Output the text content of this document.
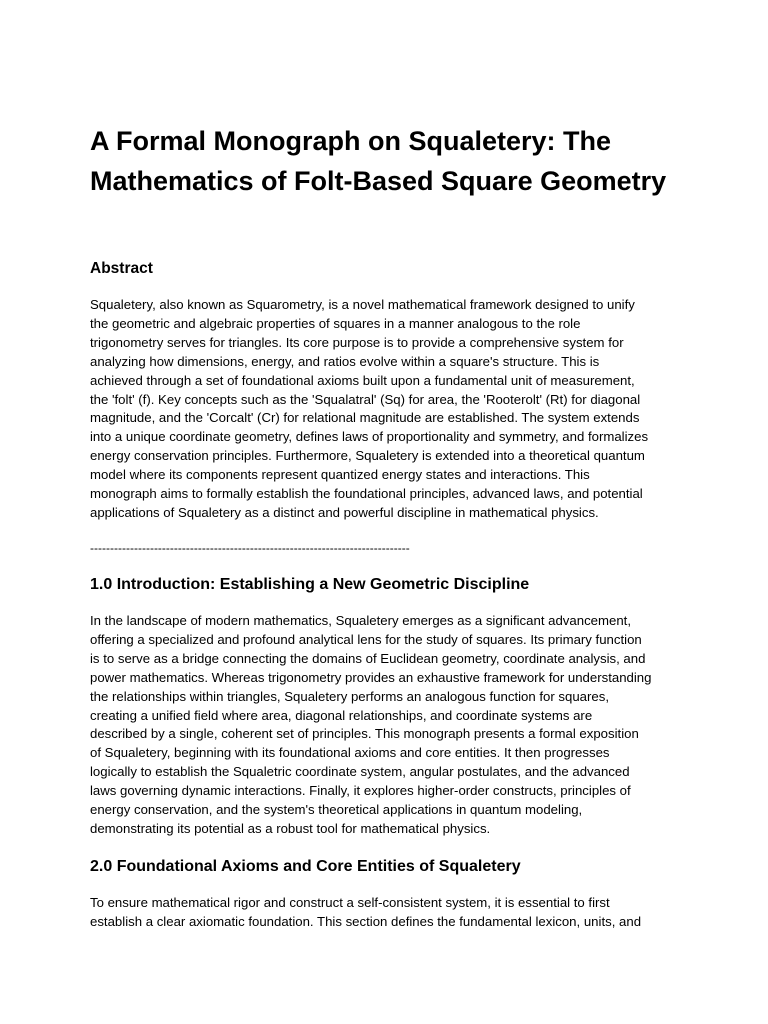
A Formal Monograph on Squaletery: The Mathematics of Folt-Based Square Geometry
Abstract
Squaletery, also known as Squarometry, is a novel mathematical framework designed to unify
the geometric and algebraic properties of squares in a manner analogous to the role
trigonometry serves for triangles. Its core purpose is to provide a comprehensive system for
analyzing how dimensions, energy, and ratios evolve within a square's structure. This is
achieved through a set of foundational axioms built upon a fundamental unit of measurement,
the 'folt' (f). Key concepts such as the 'Squalatral' (Sq) for area, the 'Rooterolt' (Rt) for diagonal
magnitude, and the 'Corcalt' (Cr) for relational magnitude are established. The system extends
into a unique coordinate geometry, defines laws of proportionality and symmetry, and formalizes
energy conservation principles. Furthermore, Squaletery is extended into a theoretical quantum
model where its components represent quantized energy states and interactions. This
monograph aims to formally establish the foundational principles, advanced laws, and potential
applications of Squaletery as a distinct and powerful discipline in mathematical physics.
--------------------------------------------------------------------------------
1.0 Introduction: Establishing a New Geometric Discipline
In the landscape of modern mathematics, Squaletery emerges as a significant advancement,
offering a specialized and profound analytical lens for the study of squares. Its primary function
is to serve as a bridge connecting the domains of Euclidean geometry, coordinate analysis, and
power mathematics. Whereas trigonometry provides an exhaustive framework for understanding
the relationships within triangles, Squaletery performs an analogous function for squares,
creating a unified field where area, diagonal relationships, and coordinate systems are
described by a single, coherent set of principles. This monograph presents a formal exposition
of Squaletery, beginning with its foundational axioms and core entities. It then progresses
logically to establish the Squaletric coordinate system, angular postulates, and the advanced
laws governing dynamic interactions. Finally, it explores higher-order constructs, principles of
energy conservation, and the system's theoretical applications in quantum modeling,
demonstrating its potential as a robust tool for mathematical physics.
2.0 Foundational Axioms and Core Entities of Squaletery
To ensure mathematical rigor and construct a self-consistent system, it is essential to first
establish a clear axiomatic foundation. This section defines the fundamental lexicon, units, and
